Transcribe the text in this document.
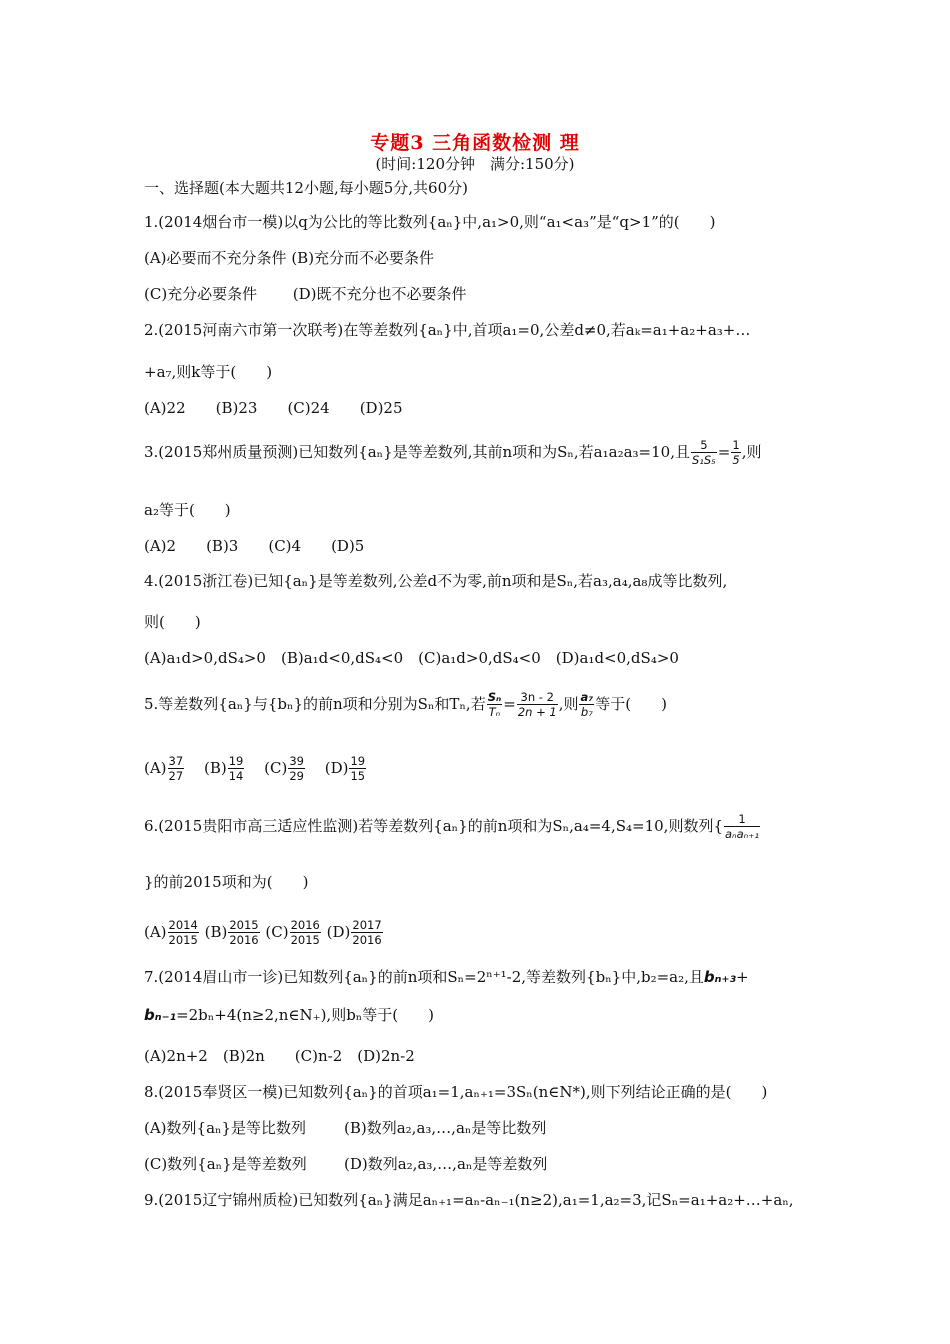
专题3 三角函数检测 理
(时间:120分钟　满分:150分)
一、选择题(本大题共12小题,每小题5分,共60分)
1.(2014烟台市一模)以q为公比的等比数列{aₙ}中,a₁>0,则“a₁<a₃”是“q>1”的(　　)
(A)必要而不充分条件 (B)充分而不必要条件
(C)充分必要条件 (D)既不充分也不必要条件
2.(2015河南六市第一次联考)在等差数列{aₙ}中,首项a₁=0,公差d≠0,若aₖ=a₁+a₂+a₃+…
+a₇,则k等于(　　)
(A)22　　(B)23　　(C)24　　(D)25
3.(2015郑州质量预测)已知数列{aₙ}是等差数列,其前n项和为Sₙ,若a₁a₂a₃=10,且 $\frac{5}{\text{S₁S₅}} = \frac{1}{5}$ ,则
a₂等于(　　)
(A)2　　(B)3　　(C)4　　(D)5
4.(2015浙江卷)已知{aₙ}是等差数列,公差d不为零,前n项和是Sₙ,若a₃,a₄,a₈成等比数列,
则(　　)
(A)a₁d>0,dS₄>0　(B)a₁d<0,dS₄<0　(C)a₁d>0,dS₄<0　(D)a₁d<0,dS₄>0
5.等差数列{aₙ}与{bₙ}的前n项和分别为Sₙ和Tₙ,若 $\frac{\text{Sₙ}}{\text{Tₙ}} = \frac{3n - 2}{2n + 1}$ ,则 $\frac{\text{a₇}}{\text{b₇}}$ 等于(　　)
$(A) \frac{37}{27} (B) \frac{19}{14} (C) \frac{39}{29} (D) \frac{19}{15}$
6.(2015贵阳市高三适应性监测)若等差数列{aₙ}的前n项和为Sₙ,a₄=4,S₄=10,则数列{ $\frac{1}{\text{aₙaₙ₊₁}}$
}的前2015项和为(　　)
$(A) \frac{2014}{2015} (B) \frac{2015}{2016} (C) \frac{2016}{2015} (D) \frac{2017}{2016}$
7.(2014眉山市一诊)已知数列{aₙ}的前n项和Sₙ=2ⁿ⁺¹-2,等差数列{bₙ}中,b₂=a₂,且bₙ₊₃+
bₙ₋₁=2bₙ+4(n≥2,n∈N₊),则bₙ等于(　　)
(A)2n+2　(B)2n　　(C)n-2　(D)2n-2
8.(2015奉贤区一模)已知数列{aₙ}的首项a₁=1,aₙ₊₁=3Sₙ(n∈N*),则下列结论正确的是(　　)
(A)数列{aₙ}是等比数列	(B)数列a₂,a₃,…,aₙ是等比数列
(C)数列{aₙ}是等差数列 (D)数列a₂,a₃,…,aₙ是等差数列
9.(2015辽宁锦州质检)已知数列{aₙ}满足aₙ₊₁=aₙ-aₙ₋₁(n≥2),a₁=1,a₂=3,记Sₙ=a₁+a₂+…+aₙ,
